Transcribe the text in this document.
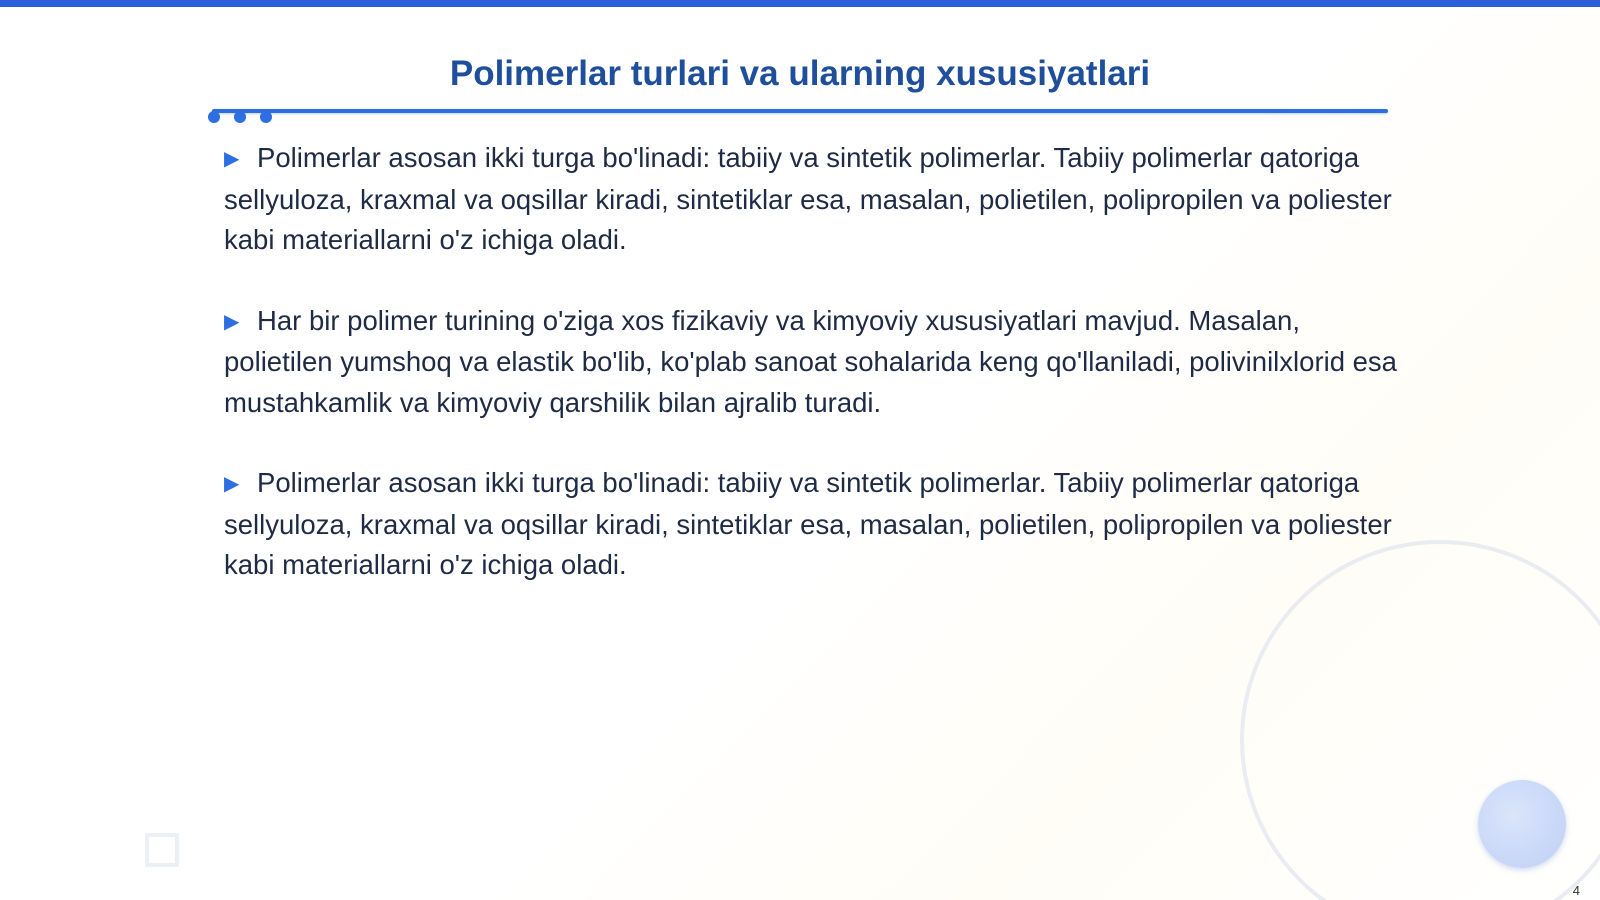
Polimerlar turlari va ularning xususiyatlari

▶ Polimerlar asosan ikki turga bo'linadi: tabiiy va sintetik polimerlar. Tabiiy polimerlar qatoriga sellyuloza, kraxmal va oqsillar kiradi, sintetiklar esa, masalan, polietilen, polipropilen va poliester kabi materiallarni o'z ichiga oladi.

▶ Har bir polimer turining o'ziga xos fizikaviy va kimyoviy xususiyatlari mavjud. Masalan, polietilen yumshoq va elastik bo'lib, ko'plab sanoat sohalarida keng qo'llaniladi, polivinilxlorid esa mustahkamlik va kimyoviy qarshilik bilan ajralib turadi.

▶ Polimerlar asosan ikki turga bo'linadi: tabiiy va sintetik polimerlar. Tabiiy polimerlar qatoriga sellyuloza, kraxmal va oqsillar kiradi, sintetiklar esa, masalan, polietilen, polipropilen va poliester kabi materiallarni o'z ichiga oladi.

4
